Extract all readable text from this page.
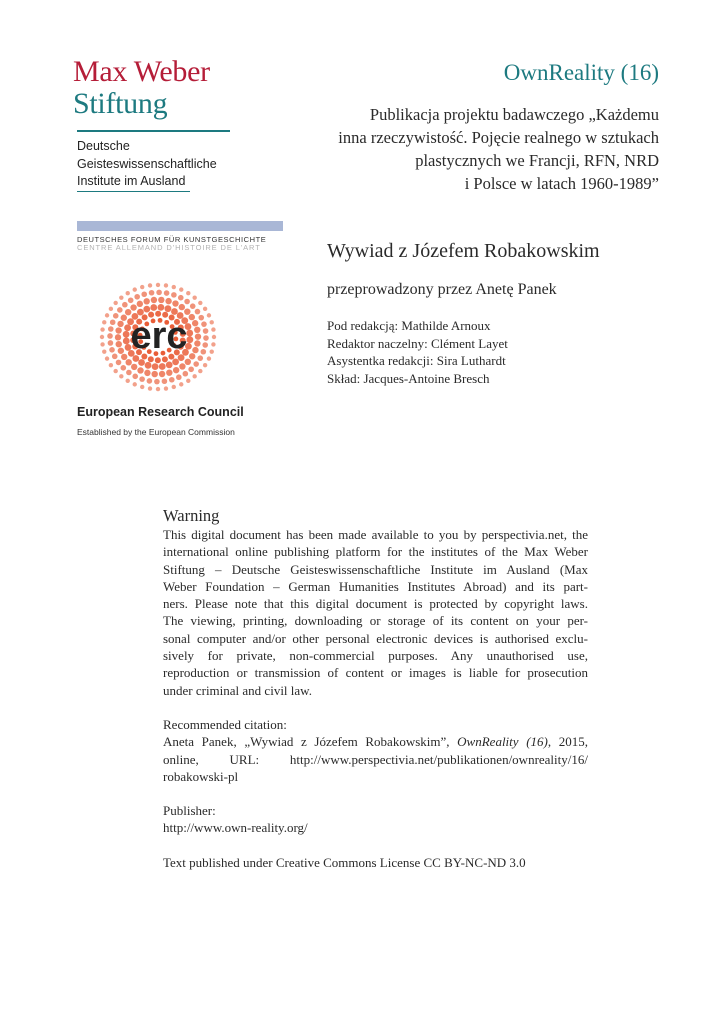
Max Weber
Stiftung
Deutsche
Geisteswissenschaftliche
Institute im Ausland
DEUTSCHES FORUM FÜR KUNSTGESCHICHTE
CENTRE ALLEMAND D'HISTOIRE DE L'ART
erc
European Research Council
Established by the European Commission
OwnReality (16)
Publikacja projektu badawczego „Każdemu
inna rzeczywistość. Pojęcie realnego w sztukach
plastycznych we Francji, RFN, NRD
i Polsce w latach 1960-1989”
Wywiad z Józefem Robakowskim
przeprowadzony przez Anetę Panek
Pod redakcją: Mathilde Arnoux
Redaktor naczelny: Clément Layet
Asystentka redakcji: Sira Luthardt
Skład: Jacques-Antoine Bresch
Warning
This digital document has been made available to you by perspectivia.net, the
international online publishing platform for the institutes of the Max Weber
Stiftung – Deutsche Geisteswissenschaftliche Institute im Ausland (Max
Weber Foundation – German Humanities Institutes Abroad) and its part-
ners. Please note that this digital document is protected by copyright laws.
The viewing, printing, downloading or storage of its content on your per-
sonal computer and/or other personal electronic devices is authorised exclu-
sively for private, non-commercial purposes. Any unauthorised use,
reproduction or transmission of content or images is liable for prosecution
under criminal and civil law.
Recommended citation:
Aneta Panek, „Wywiad z Józefem Robakowskim”, OwnReality (16), 2015,
online, URL: http://www.perspectivia.net/publikationen/ownreality/16/
robakowski-pl
Publisher:
http://www.own-reality.org/
Text published under Creative Commons License CC BY-NC-ND 3.0
